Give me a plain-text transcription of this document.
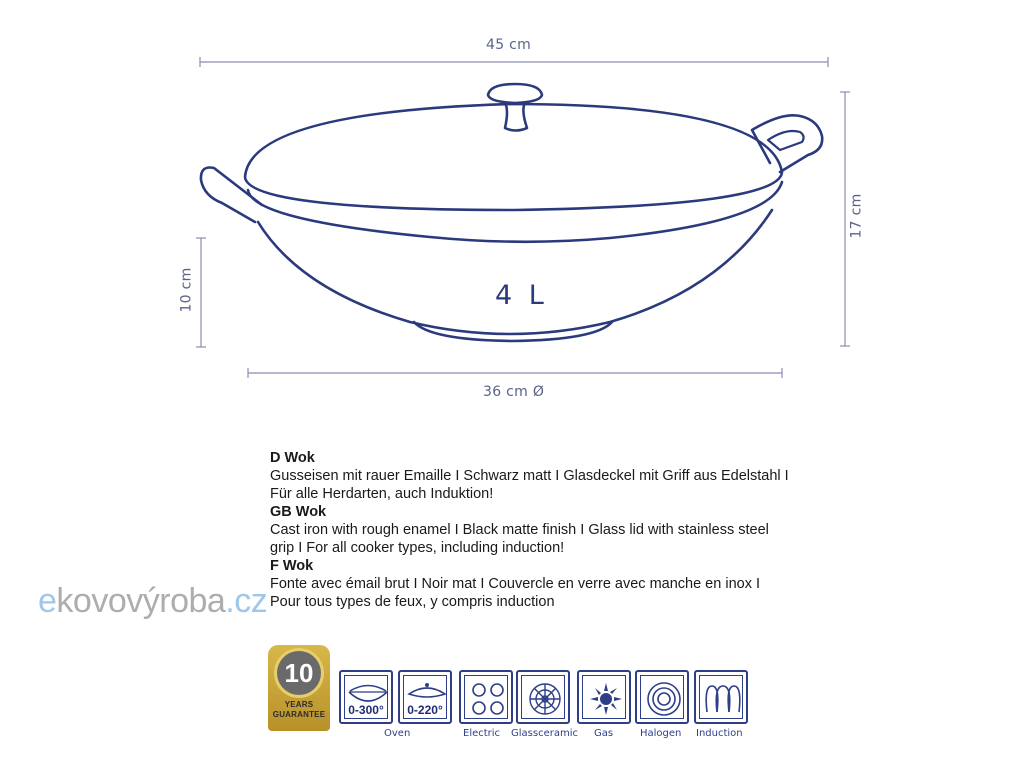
45 cm
17 cm
10 cm
36 cm Ø
4 L
D Wok
Gusseisen mit rauer Emaille I Schwarz matt I Glasdeckel mit Griff aus Edelstahl I
Für alle Herdarten, auch Induktion!
GB Wok
Cast iron with rough enamel I Black matte finish I Glass lid with stainless steel
grip I For all cooker types, including induction!
F Wok
Fonte avec émail brut I Noir mat I Couvercle en verre avec manche en inox I
Pour tous types de feux, y compris induction
ekovovýroba.cz
10
YEARS
GUARANTEE	0-300°	0-220°
Oven	Electric Glassceramic Gas	Halogen Induction
